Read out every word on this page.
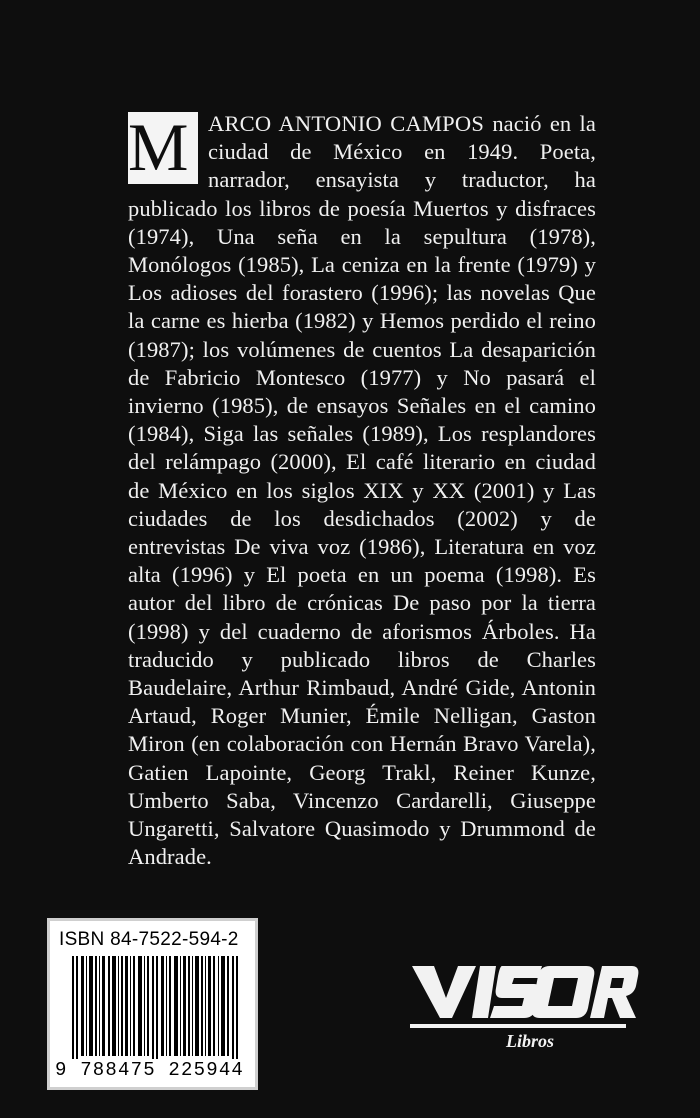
M ARCO ANTONIO CAMPOS nació en la ciudad de México en 1949. Poeta, narrador, ensayista y traductor, ha publicado los libros de poesía Muertos y disfraces (1974), Una seña en la sepultura (1978), Monólogos (1985), La ceniza en la frente (1979) y Los adioses del forastero (1996); las novelas Que la carne es hierba (1982) y Hemos perdido el reino (1987); los volúmenes de cuentos La desaparición de Fabricio Montesco (1977) y No pasará el invierno (1985), de ensayos Señales en el camino (1984), Siga las señales (1989), Los resplandores del relámpago (2000), El café literario en ciudad de México en los siglos XIX y XX (2001) y Las ciudades de los desdichados (2002) y de entrevistas De viva voz (1986), Literatura en voz alta (1996) y El poeta en un poema (1998). Es autor del libro de crónicas De paso por la tierra (1998) y del cuaderno de aforismos Árboles. Ha traducido y publicado libros de Charles Baudelaire, Arthur Rimbaud, André Gide, Antonin Artaud, Roger Munier, Émile Nelligan, Gaston Miron (en colaboración con Hernán Bravo Varela), Gatien Lapointe, Georg Trakl, Reiner Kunze, Umberto Saba, Vincenzo Cardarelli, Giuseppe Ungaretti, Salvatore Quasimodo y Drummond de Andrade.
ISBN 84-7522-594-2
9 788475 225944
Libros
VISOR
